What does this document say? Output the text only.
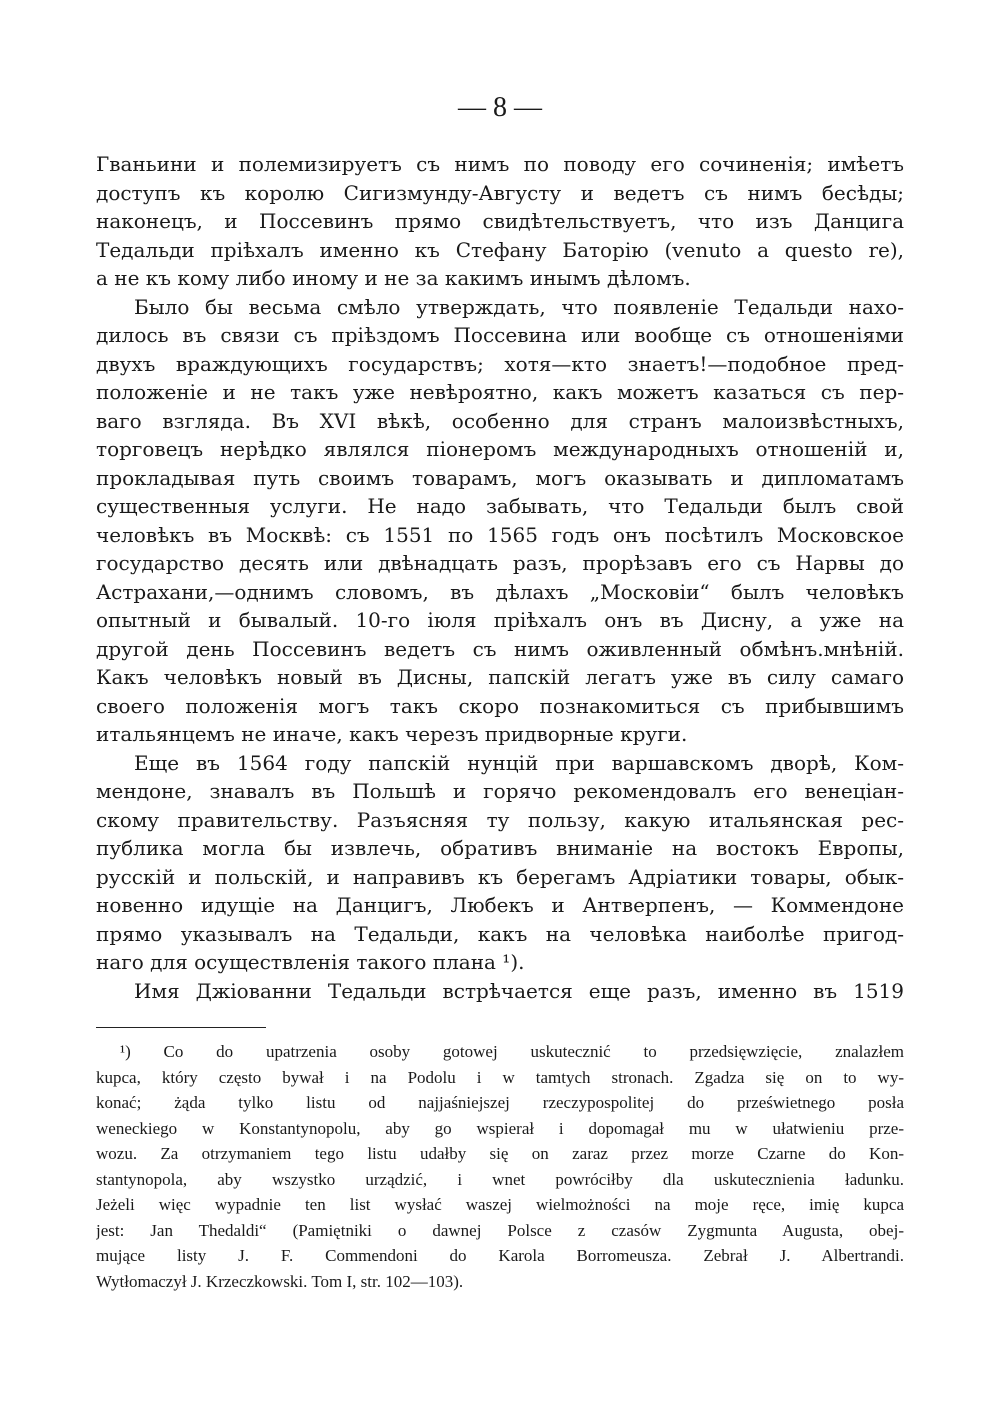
— 8 —
Гваньини и полемизируетъ съ нимъ по поводу его сочиненія; имѣетъ
доступъ къ королю Сигизмунду-Августу и ведетъ съ нимъ бесѣды;
наконецъ, и Поссевинъ прямо свидѣтельствуетъ, что изъ Данцига
Тедальди пріѣхалъ именно къ Стефану Баторію (venuto a questo re),
а не къ кому либо иному и не за какимъ инымъ дѣломъ.
Было бы весьма смѣло утверждать, что появленіе Тедальди нахо-
дилось въ связи съ пріѣздомъ Поссевина или вообще съ отношеніями
двухъ враждующихъ государствъ; хотя—кто знаетъ!—подобное пред-
положеніе и не такъ уже невѣроятно, какъ можетъ казаться съ пер-
ваго взгляда. Въ XVI вѣкѣ, особенно для странъ малоизвѣстныхъ,
торговецъ нерѣдко являлся піонеромъ международныхъ отношеній и,
прокладывая путь своимъ товарамъ, могъ оказывать и дипломатамъ
существенныя услуги. Не надо забывать, что Тедальди былъ свой
человѣкъ въ Москвѣ: съ 1551 по 1565 годъ онъ посѣтилъ Московское
государство десять или двѣнадцать разъ, прорѣзавъ его съ Нарвы до
Астрахани,—однимъ словомъ, въ дѣлахъ „Московіи“ былъ человѣкъ
опытный и бывалый. 10-го іюля пріѣхалъ онъ въ Дисну, а уже на
другой день Поссевинъ ведетъ съ нимъ оживленный обмѣнъ.мнѣній.
Какъ человѣкъ новый въ Дисны, папскій легатъ уже въ силу самаго
своего положенія могъ такъ скоро познакомиться съ прибывшимъ
итальянцемъ не иначе, какъ черезъ придворные круги.
Еще въ 1564 году папскій нунцій при варшавскомъ дворѣ, Ком-
мендоне, знавалъ въ Польшѣ и горячо рекомендовалъ его венеціан-
скому правительству. Разъясняя ту пользу, какую итальянская рес-
публика могла бы извлечь, обративъ вниманіе на востокъ Европы,
русскій и польскій, и направивъ къ берегамъ Адріатики товары, обык-
новенно идущіе на Данцигъ, Любекъ и Антверпенъ, — Коммендоне
прямо указывалъ на Тедальди, какъ на человѣка наиболѣе пригод-
наго для осуществленія такого плана ¹).
Имя Джіованни Тедальди встрѣчается еще разъ, именно въ 1519
¹) Co do upatrzenia osoby gotowej uskutecznić to przedsięwzięcie, znalazłem
kupca, który często bywał i na Podolu i w tamtych stronach. Zgadza się on to wy-
konać; żąda tylko listu od najjaśniejszej rzeczypospolitej do prześwietnego posła
weneckiego w Konstantynopolu, aby go wspierał i dopomagał mu w ułatwieniu prze-
wozu. Za otrzymaniem tego listu udałby się on zaraz przez morze Czarne do Kon-
stantynopola, aby wszystko urządzić, i wnet powróciłby dla uskutecznienia ładunku.
Jeżeli więc wypadnie ten list wysłać waszej wielmożności na moje ręce, imię kupca
jest: Jan Thedaldi“ (Pamiętniki o dawnej Polsce z czasów Zygmunta Augusta, obej-
mujące listy J. F. Commendoni do Karola Borromeusza. Zebrał J. Albertrandi.
Wytłomaczył J. Krzeczkowski. Tom I, str. 102—103).
